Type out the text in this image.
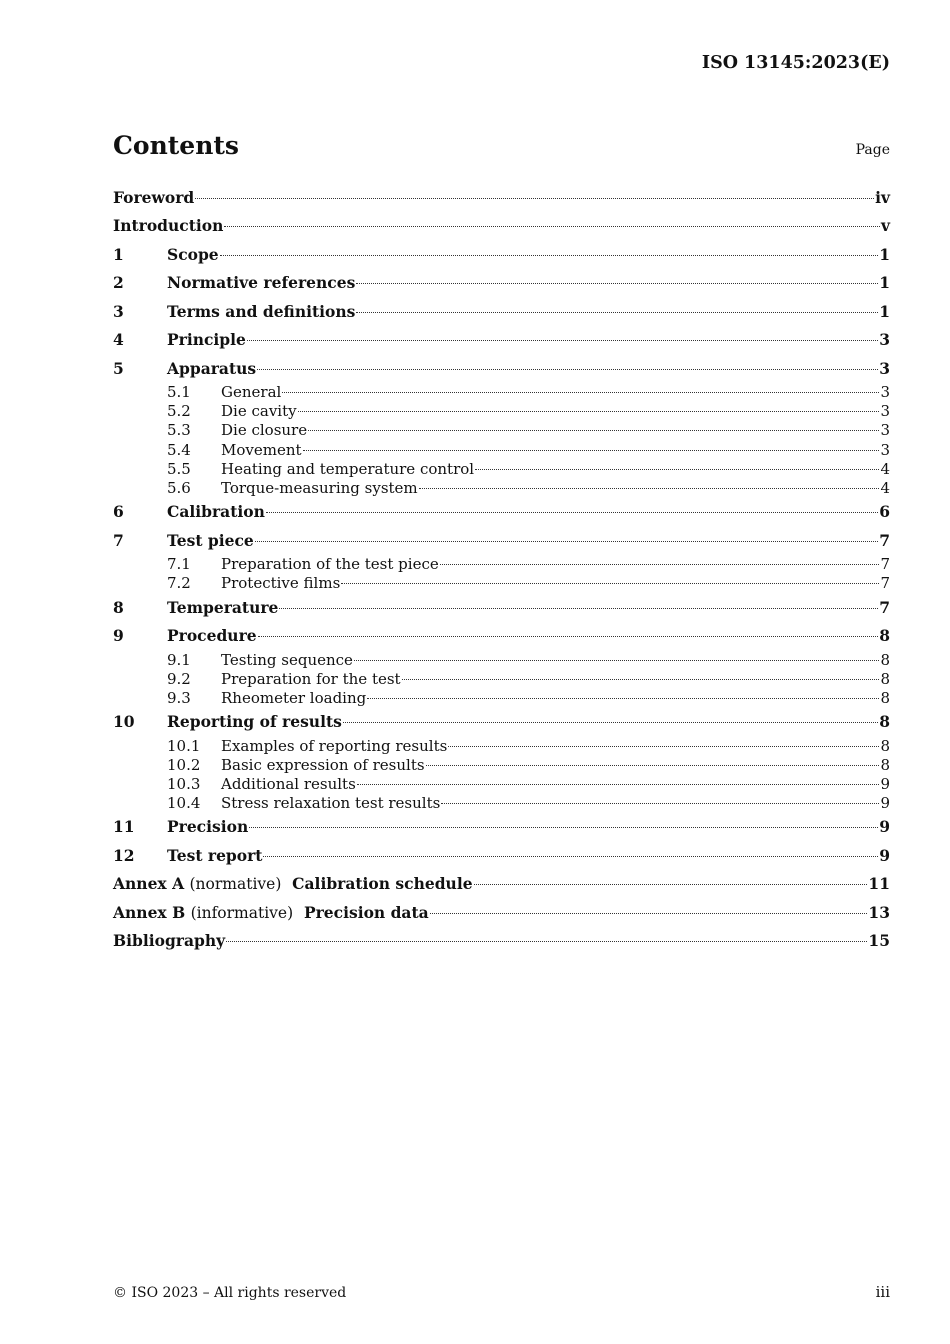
ISO 13145:2023(E)
Contents	Page
Foreword	iv
Introduction	v
1	Scope	1
2	Normative references	1
3	Terms and definitions	1
4	Principle	3
5	Apparatus	3
5.1	General	3
5.2	Die cavity	3
5.3	Die closure	3
5.4	Movement	3
5.5	Heating and temperature control	4
5.6	Torque-measuring system	4
6	Calibration	6
7	Test piece	7
7.1	Preparation of the test piece	7
7.2	Protective films	7
8	Temperature	7
9	Procedure	8
9.1	Testing sequence	8
9.2	Preparation for the test	8
9.3	Rheometer loading	8
10	Reporting of results	8
10.1	Examples of reporting results	8
10.2	Basic expression of results	8
10.3	Additional results	9
10.4	Stress relaxation test results	9
11	Precision	9
12	Test report	9
Annex A (normative) Calibration schedule	11
Annex B (informative) Precision data	13
Bibliography	15
© ISO 2023 – All rights reserved	iii
